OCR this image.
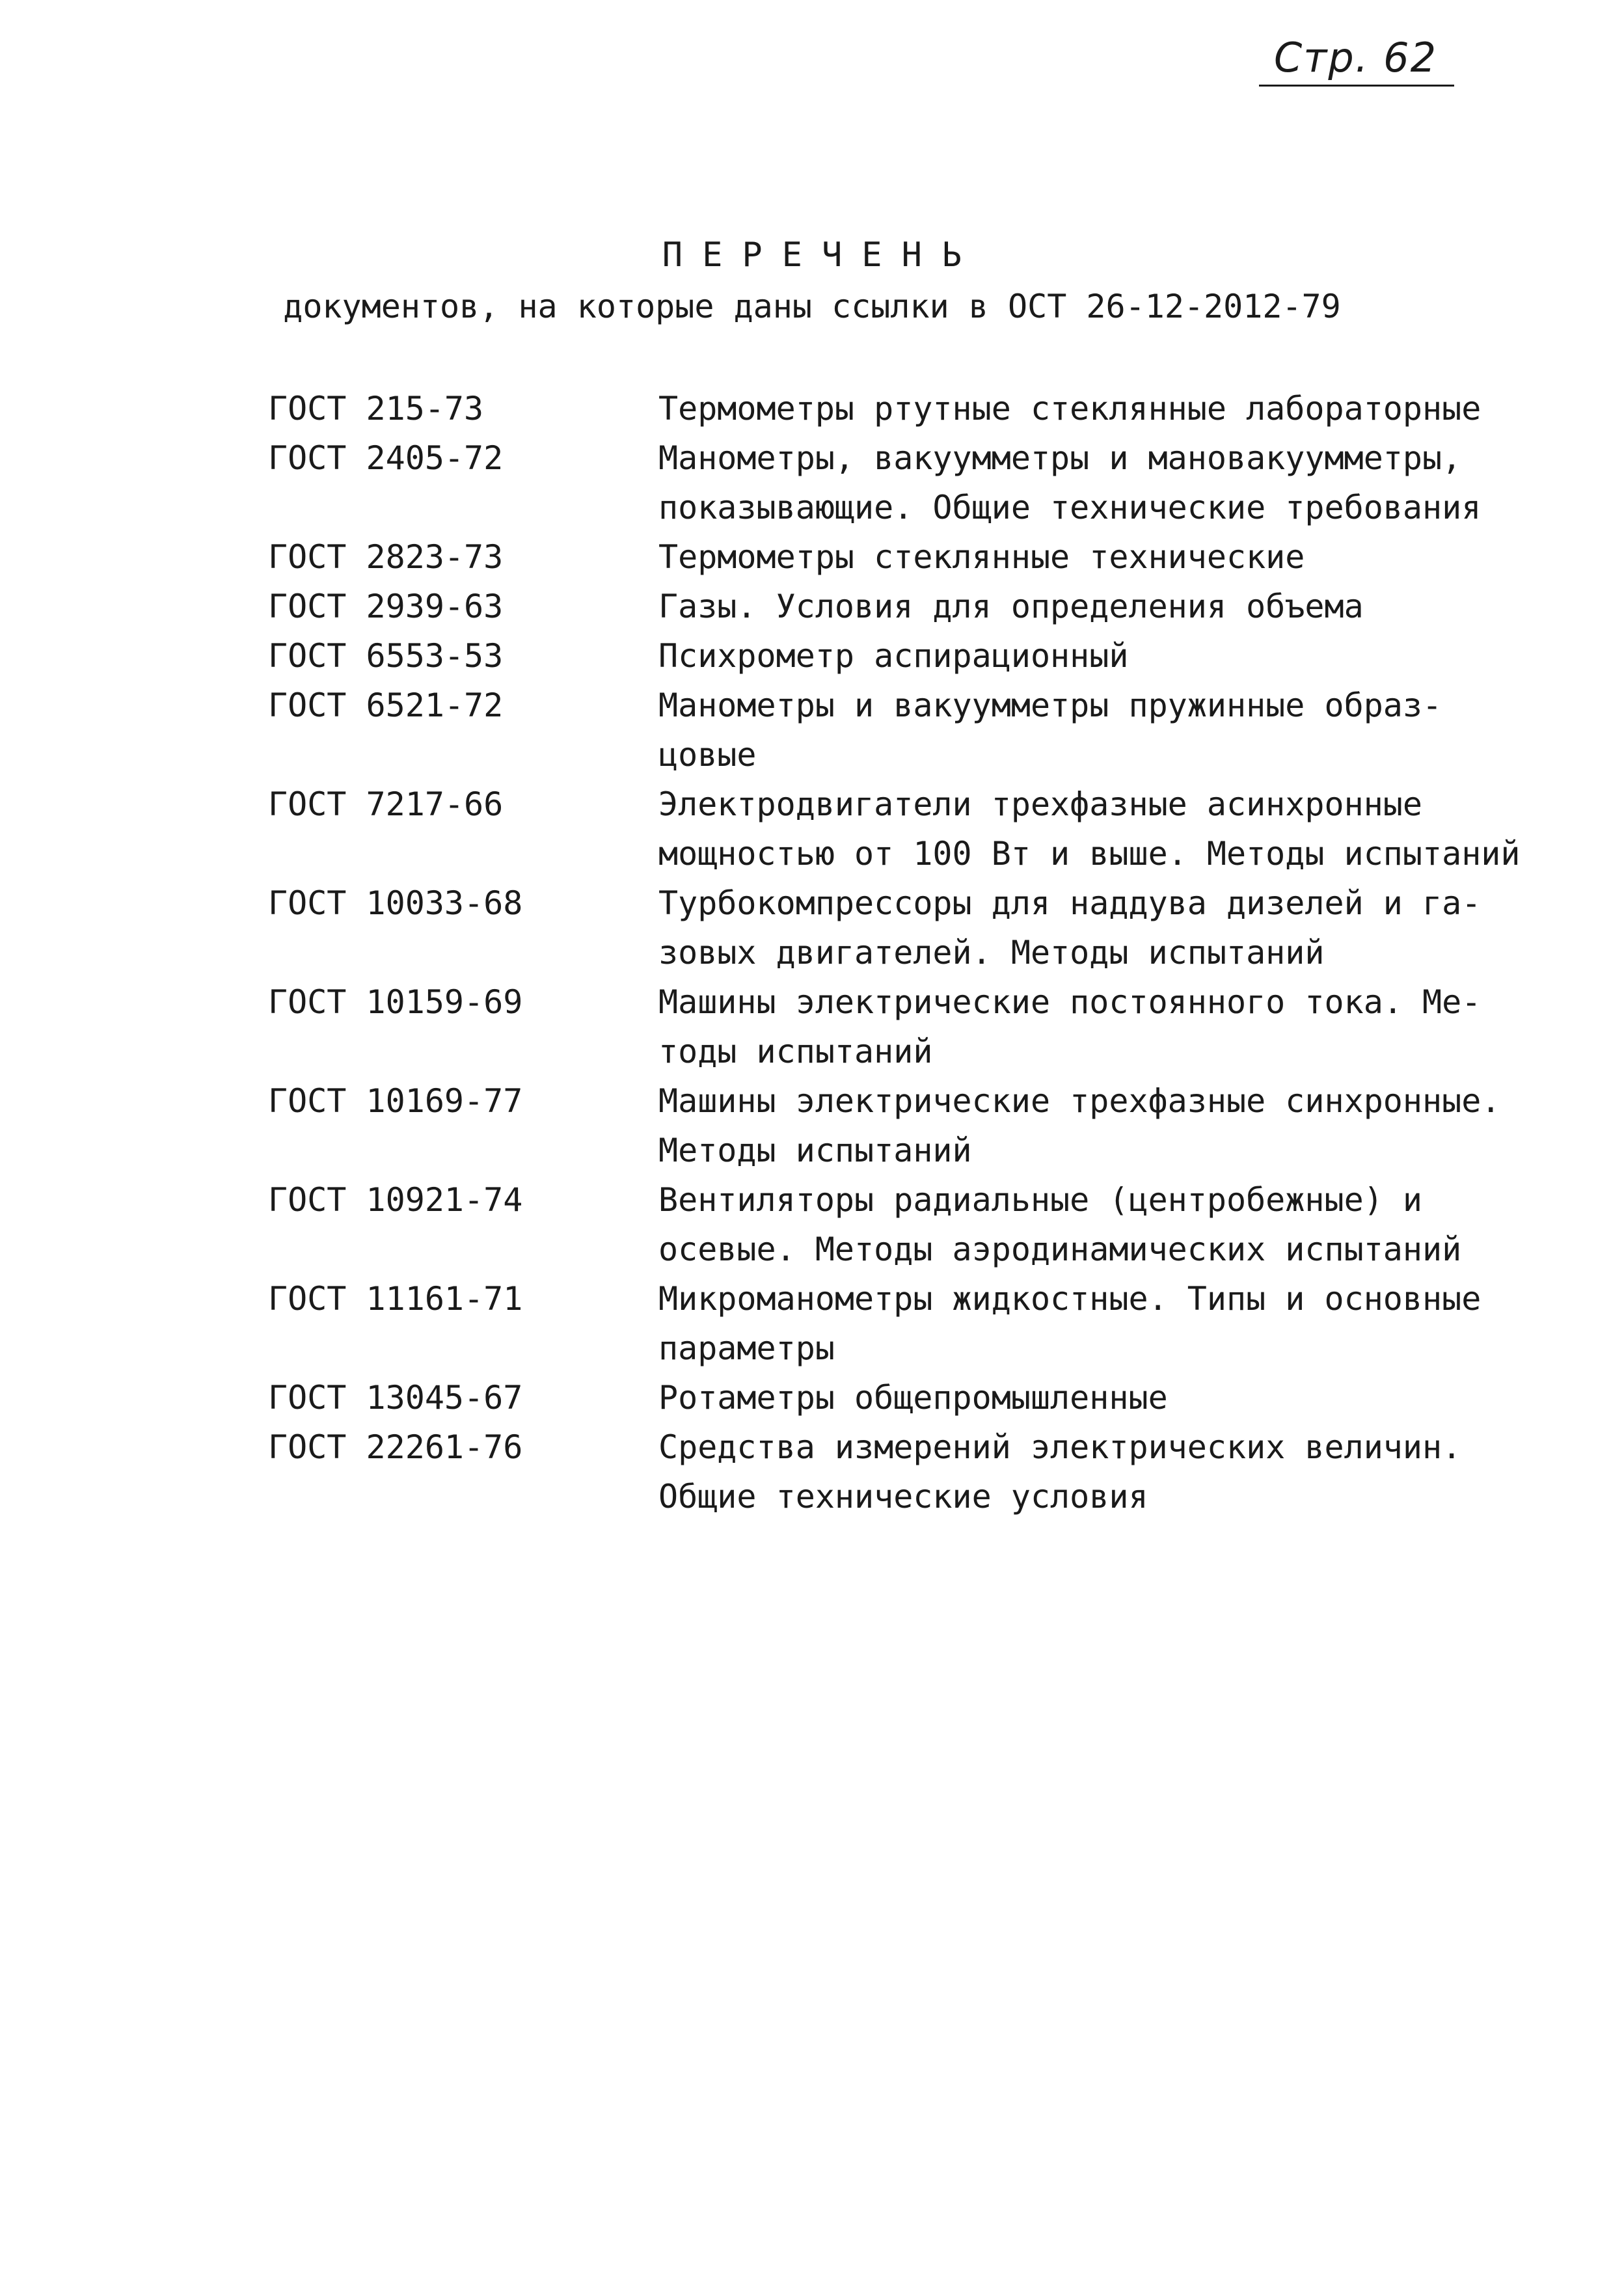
Стр. 62
ПЕРЕЧЕНЬ
документов, на которые даны ссылки в ОСТ 26-12-2012-79
ГОСТ 215-73	Термометры ртутные стеклянные лабораторные
ГОСТ 2405-72	Манометры, вакуумметры и мановакуумметры,
показывающие. Общие технические требования
ГОСТ 2823-73	Термометры стеклянные технические
ГОСТ 2939-63	Газы. Условия для определения объема
ГОСТ 6553-53	Психрометр аспирационный
ГОСТ 6521-72	Манометры и вакуумметры пружинные образ-
цовые
ГОСТ 7217-66	Электродвигатели трехфазные асинхронные
мощностью от 100 Вт и выше. Методы испытаний
ГОСТ 10033-68	Турбокомпрессоры для наддува дизелей и га-
зовых двигателей. Методы испытаний
ГОСТ 10159-69	Машины электрические постоянного тока. Ме-
тоды испытаний
ГОСТ 10169-77	Машины электрические трехфазные синхронные.
Методы испытаний
ГОСТ 10921-74	Вентиляторы радиальные (центробежные) и
осевые. Методы аэродинамических испытаний
ГОСТ 11161-71	Микроманометры жидкостные. Типы и основные
параметры
ГОСТ 13045-67	Ротаметры общепромышленные
ГОСТ 22261-76	Средства измерений электрических величин.
Общие технические условия
